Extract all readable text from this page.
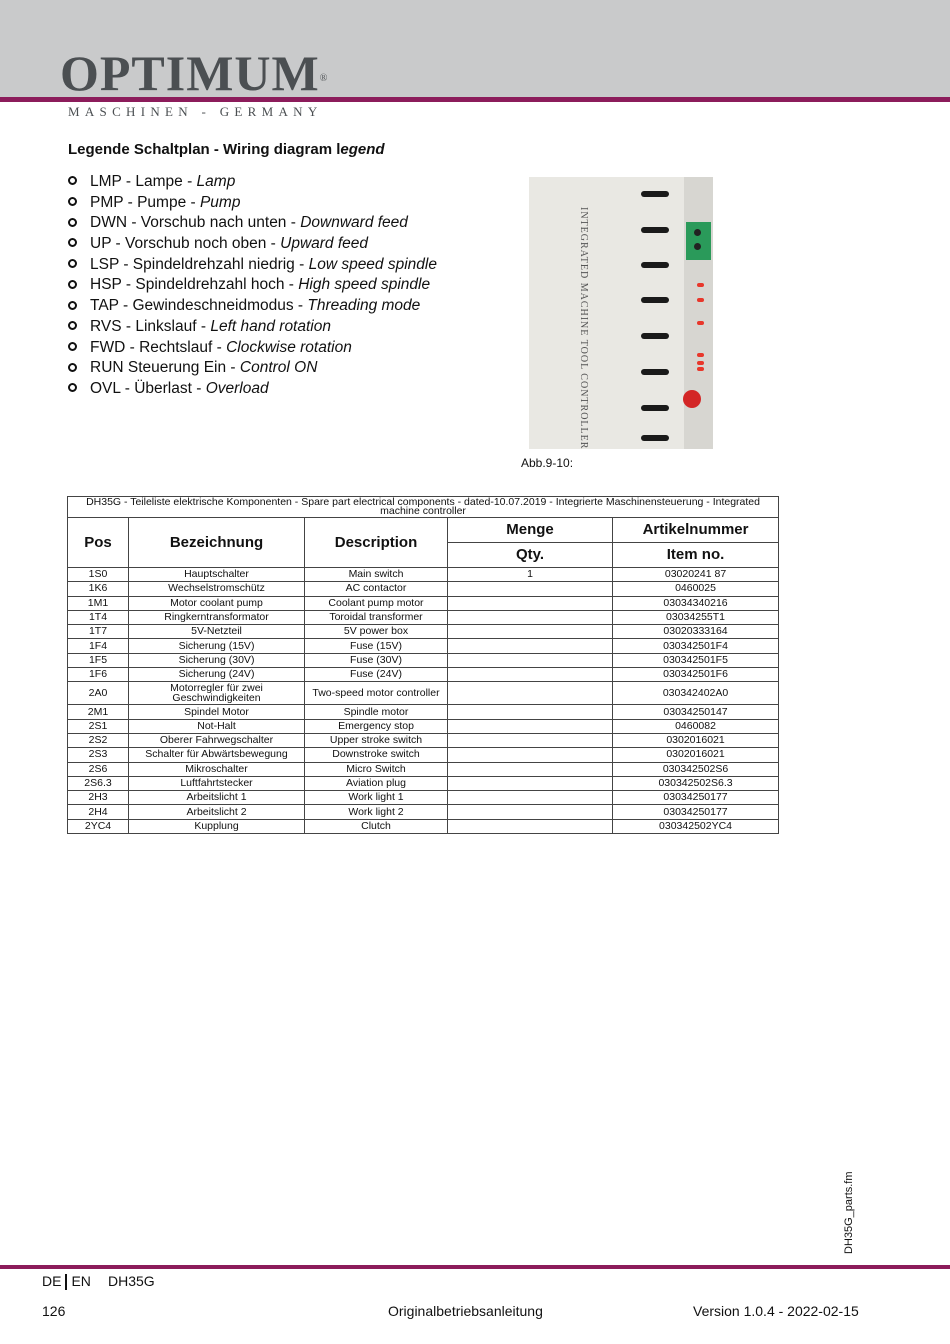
OPTIMUM®
MASCHINEN - GERMANY
Legende Schaltplan - Wiring diagram legend
LMP - Lampe - Lamp
PMP - Pumpe - Pump
DWN - Vorschub nach unten - Downward feed
UP - Vorschub noch oben - Upward feed
LSP - Spindeldrehzahl niedrig - Low speed spindle
HSP - Spindeldrehzahl hoch - High speed spindle
TAP - Gewindeschneidmodus - Threading mode
RVS - Linkslauf - Left hand rotation
FWD - Rechtslauf - Clockwise rotation
RUN Steuerung Ein - Control ON
OVL - Überlast - Overload	INTEGRATED MACHINE TOOL CONTROLLER
Abb.9-10:
DH35G - Teileliste elektrische Komponenten - Spare part electrical components - dated-10.07.2019 - Integrierte Maschinensteuerung - Integrated machine controller				
Pos	Bezeichnung	Description	Menge	Artikelnummer
			Qty.	Item no.
1S0	Hauptschalter	Main switch	1	03020241 87
1K6	Wechselstromschütz	AC contactor		0460025
1M1	Motor coolant pump	Coolant pump motor		03034340216
1T4	Ringkerntransformator	Toroidal transformer		03034255T1
1T7	5V-Netzteil	5V power box		03020333164
1F4	Sicherung (15V)	Fuse (15V)		030342501F4
1F5	Sicherung (30V)	Fuse (30V)		030342501F5
1F6	Sicherung (24V)	Fuse (24V)		030342501F6
2A0	Motorregler für zwei Geschwindigkeiten	Two-speed motor controller		030342402A0
2M1	Spindel Motor	Spindle motor		03034250147
2S1	Not-Halt	Emergency stop		0460082
2S2	Oberer Fahrwegschalter	Upper stroke switch		0302016021
2S3	Schalter für Abwärtsbewegung	Downstroke switch		0302016021
2S6	Mikroschalter	Micro Switch		030342502S6
2S6.3	Luftfahrtstecker	Aviation plug		030342502S6.3
2H3	Arbeitslicht 1	Work light 1		03034250177
2H4	Arbeitslicht 2	Work light 2		03034250177
2YC4	Kupplung	Clutch		030342502YC4
DH35G_parts.fm
DE EN DH35G
126	Originalbetriebsanleitung	Version 1.0.4 - 2022-02-15
